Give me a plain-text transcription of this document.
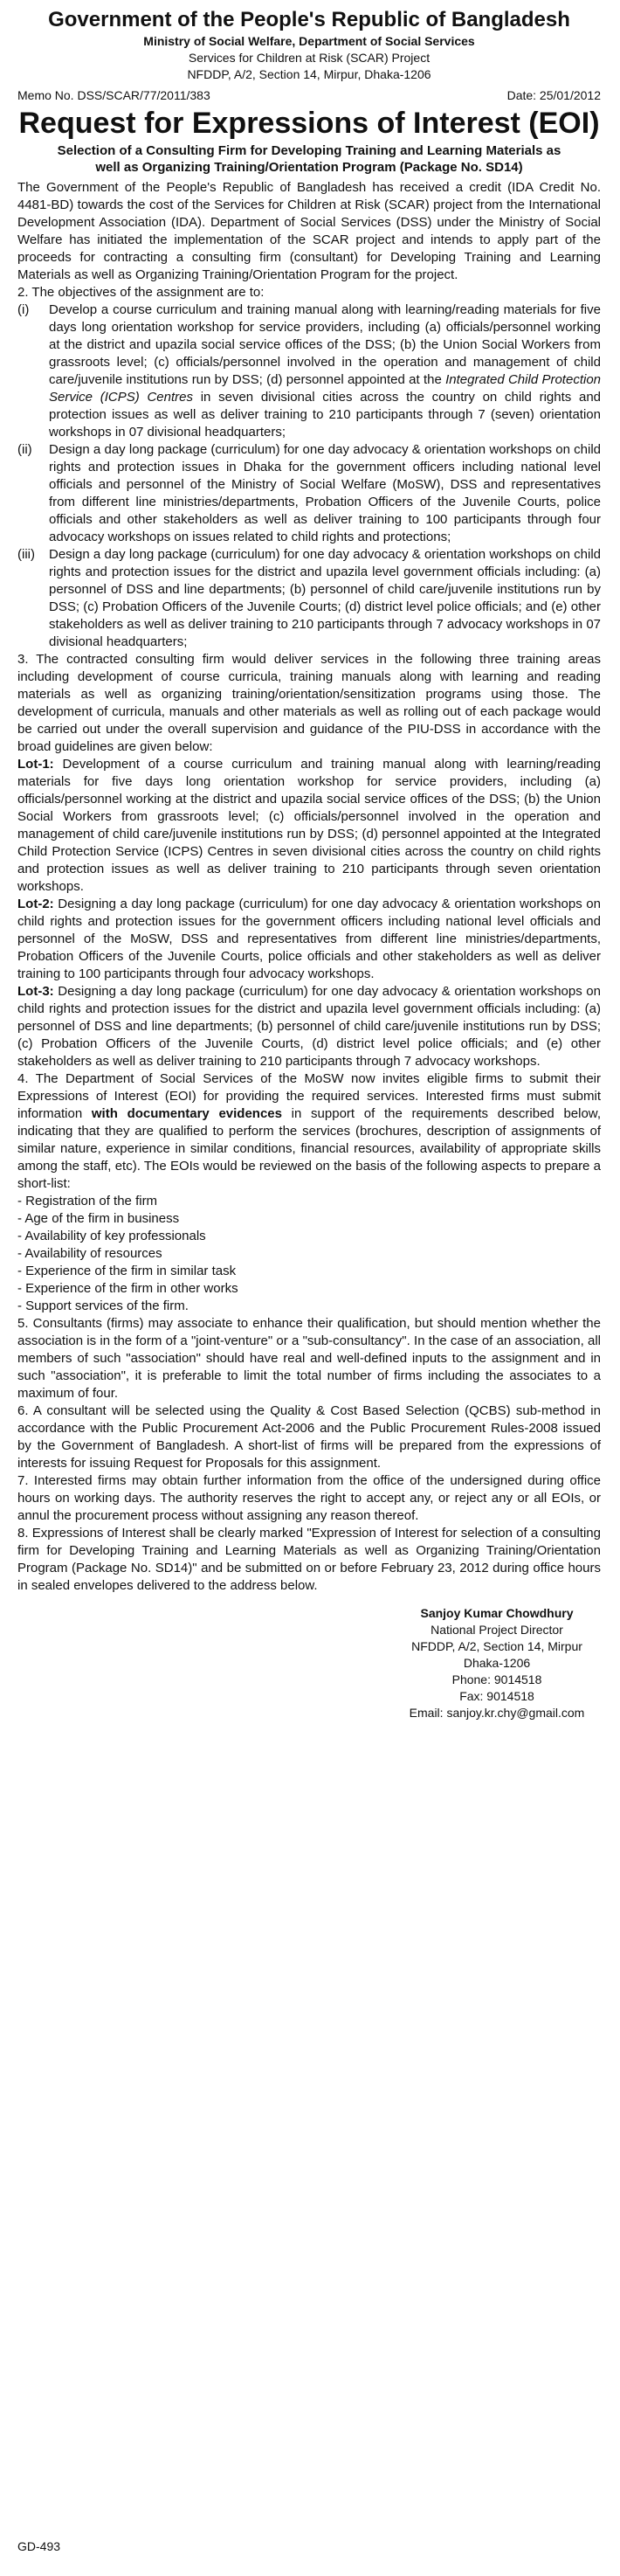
Government of the People's Republic of Bangladesh
Ministry of Social Welfare, Department of Social Services
Services for Children at Risk (SCAR) Project
NFDDP, A/2, Section 14, Mirpur, Dhaka-1206
Memo No. DSS/SCAR/77/2011/383	Date: 25/01/2012
Request for Expressions of Interest (EOI)
Selection of a Consulting Firm for Developing Training and Learning Materials as well as Organizing Training/Orientation Program (Package No. SD14)

The Government of the People's Republic of Bangladesh has received a credit (IDA Credit No. 4481-BD) towards the cost of the Services for Children at Risk (SCAR) project from the International Development Association (IDA). Department of Social Services (DSS) under the Ministry of Social Welfare has initiated the implementation of the SCAR project and intends to apply part of the proceeds for contracting a consulting firm (consultant) for Developing Training and Learning Materials as well as Organizing Training/Orientation Program for the project.

2. The objectives of the assignment are to:

(i)	Develop a course curriculum and training manual along with learning/reading materials for five days long orientation workshop for service providers, including (a) officials/personnel working at the district and upazila social service offices of the DSS; (b) the Union Social Workers from grassroots level; (c) officials/personnel involved in the operation and management of child care/juvenile institutions run by DSS; (d) personnel appointed at the Integrated Child Protection Service (ICPS) Centres in seven divisional cities across the country on child rights and protection issues as well as deliver training to 210 participants through 7 (seven) orientation workshops in 07 divisional headquarters;
(ii)	Design a day long package (curriculum) for one day advocacy & orientation workshops on child rights and protection issues in Dhaka for the government officers including national level officials and personnel of the Ministry of Social Welfare (MoSW), DSS and representatives from different line ministries/departments, Probation Officers of the Juvenile Courts, police officials and other stakeholders as well as deliver training to 100 participants through four advocacy workshops on issues related to child rights and protections;
(iii)	Design a day long package (curriculum) for one day advocacy & orientation workshops on child rights and protection issues for the district and upazila level government officials including: (a) personnel of DSS and line departments; (b) personnel of child care/juvenile institutions run by DSS; (c) Probation Officers of the Juvenile Courts; (d) district level police officials; and (e) other stakeholders as well as deliver training to 210 participants through 7 advocacy workshops in 07 divisional headquarters;

3. The contracted consulting firm would deliver services in the following three training areas including development of course curricula, training manuals along with learning and reading materials as well as organizing training/orientation/sensitization programs using those. The development of curricula, manuals and other materials as well as rolling out of each package would be carried out under the overall supervision and guidance of the PIU-DSS in accordance with the broad guidelines are given below:

Lot-1: Development of a course curriculum and training manual along with learning/reading materials for five days long orientation workshop for service providers, including (a) officials/personnel working at the district and upazila social service offices of the DSS; (b) the Union Social Workers from grassroots level; (c) officials/personnel involved in the operation and management of child care/juvenile institutions run by DSS; (d) personnel appointed at the Integrated Child Protection Service (ICPS) Centres in seven divisional cities across the country on child rights and protection issues as well as deliver training to 210 participants through seven orientation workshops.

Lot-2: Designing a day long package (curriculum) for one day advocacy & orientation workshops on child rights and protection issues for the government officers including national level officials and personnel of the MoSW, DSS and representatives from different line ministries/departments, Probation Officers of the Juvenile Courts, police officials and other stakeholders as well as deliver training to 100 participants through four advocacy workshops.

Lot-3: Designing a day long package (curriculum) for one day advocacy & orientation workshops on child rights and protection issues for the district and upazila level government officials including: (a) personnel of DSS and line departments; (b) personnel of child care/juvenile institutions run by DSS; (c) Probation Officers of the Juvenile Courts, (d) district level police officials; and (e) other stakeholders as well as deliver training to 210 participants through 7 advocacy workshops.

4. The Department of Social Services of the MoSW now invites eligible firms to submit their Expressions of Interest (EOI) for providing the required services. Interested firms must submit information with documentary evidences in support of the requirements described below, indicating that they are qualified to perform the services (brochures, description of assignments of similar nature, experience in similar conditions, financial resources, availability of appropriate skills among the staff, etc). The EOIs would be reviewed on the basis of the following aspects to prepare a short-list:

- Registration of the firm
- Age of the firm in business
- Availability of key professionals
- Availability of resources
- Experience of the firm in similar task
- Experience of the firm in other works
- Support services of the firm.

5. Consultants (firms) may associate to enhance their qualification, but should mention whether the association is in the form of a "joint-venture" or a "sub-consultancy". In the case of an association, all members of such "association" should have real and well-defined inputs to the assignment and in such "association", it is preferable to limit the total number of firms including the associates to a maximum of four.

6. A consultant will be selected using the Quality & Cost Based Selection (QCBS) sub-method in accordance with the Public Procurement Act-2006 and the Public Procurement Rules-2008 issued by the Government of Bangladesh. A short-list of firms will be prepared from the expressions of interests for issuing Request for Proposals for this assignment.

7. Interested firms may obtain further information from the office of the undersigned during office hours on working days. The authority reserves the right to accept any, or reject any or all EOIs, or annul the procurement process without assigning any reason thereof.

8. Expressions of Interest shall be clearly marked "Expression of Interest for selection of a consulting firm for Developing Training and Learning Materials as well as Organizing Training/Orientation Program (Package No. SD14)" and be submitted on or before February 23, 2012 during office hours in sealed envelopes delivered to the address below.

Sanjoy Kumar Chowdhury
National Project Director
NFDDP, A/2, Section 14, Mirpur
Dhaka-1206
Phone: 9014518
Fax: 9014518
Email: sanjoy.kr.chy@gmail.com
GD-493
